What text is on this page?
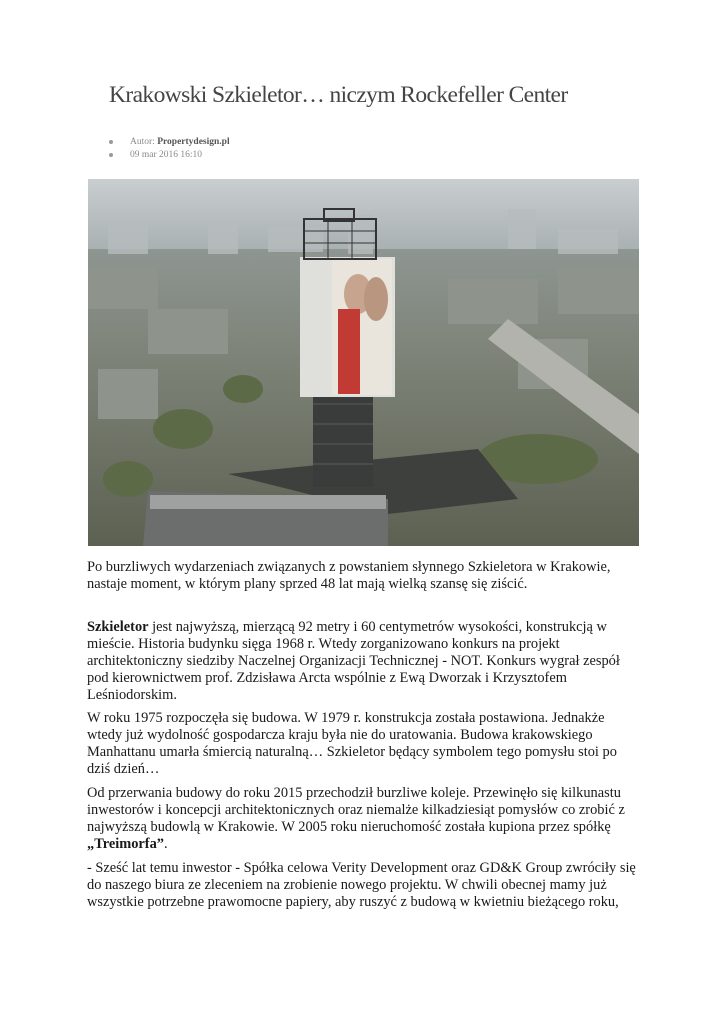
Krakowski Szkieletor… niczym Rockefeller Center
Autor: Propertydesign.pl
09 mar 2016 16:10

Po burzliwych wydarzeniach związanych z powstaniem słynnego Szkieletora w Krakowie, nastaje moment, w którym plany sprzed 48 lat mają wielką szansę się ziścić.

Szkieletor jest najwyższą, mierzącą 92 metry i 60 centymetrów wysokości, konstrukcją w mieście. Historia budynku sięga 1968 r. Wtedy zorganizowano konkurs na projekt architektoniczny siedziby Naczelnej Organizacji Technicznej - NOT. Konkurs wygrał zespół pod kierownictwem prof. Zdzisława Arcta wspólnie z Ewą Dworzak i Krzysztofem Leśniodorskim.

W roku 1975 rozpoczęła się budowa. W 1979 r. konstrukcja została postawiona. Jednakże wtedy już wydolność gospodarcza kraju była nie do uratowania. Budowa krakowskiego Manhattanu umarła śmiercią naturalną… Szkieletor będący symbolem tego pomysłu stoi po dziś dzień…

Od przerwania budowy do roku 2015 przechodził burzliwe koleje. Przewinęło się kilkunastu inwestorów i koncepcji architektonicznych oraz niemalże kilkadziesiąt pomysłów co zrobić z najwyższą budowlą w Krakowie. W 2005 roku nieruchomość została kupiona przez spółkę „Treimorfa”.

- Sześć lat temu inwestor - Spółka celowa Verity Development oraz GD&K Group zwróciły się do naszego biura ze zleceniem na zrobienie nowego projektu. W chwili obecnej mamy już wszystkie potrzebne prawomocne papiery, aby ruszyć z budową w kwietniu bieżącego roku,
